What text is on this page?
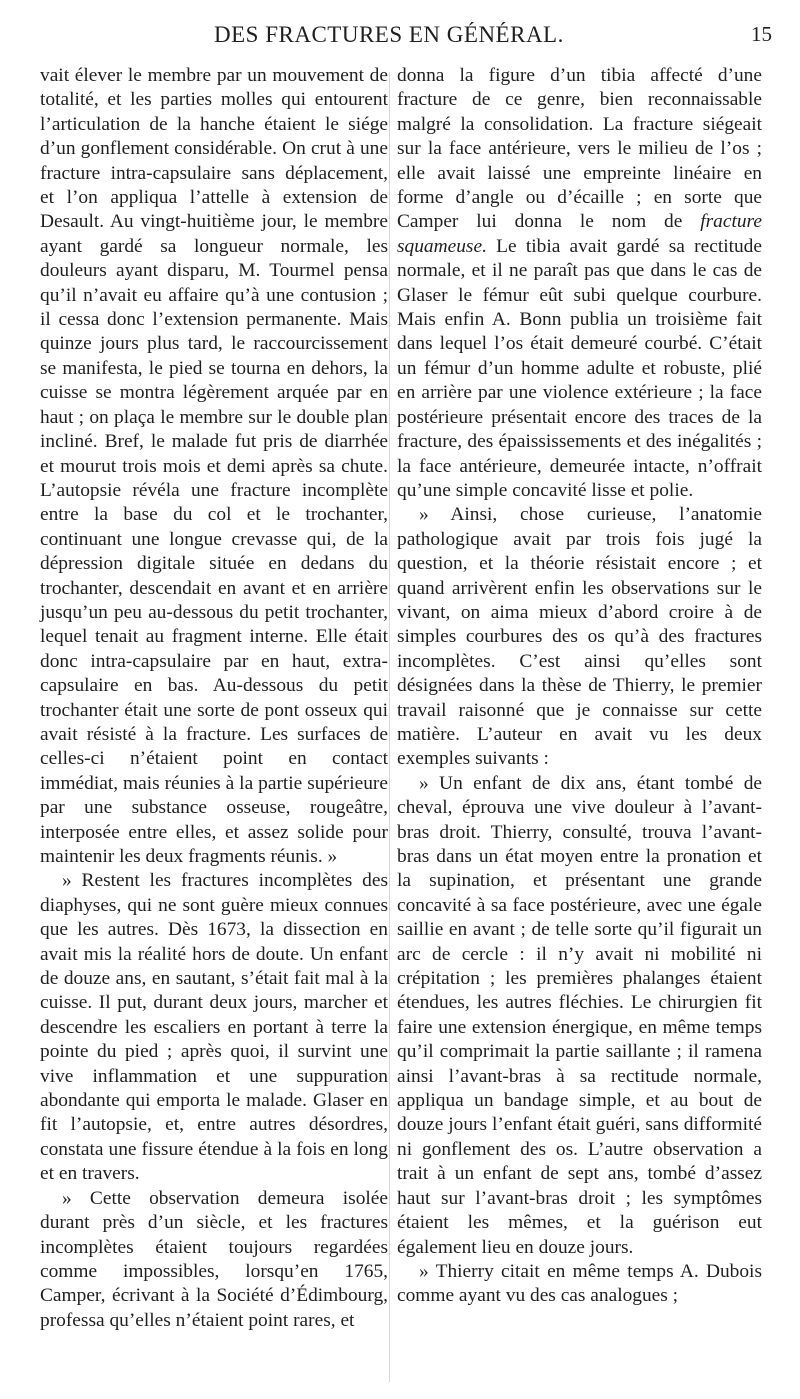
DES FRACTURES EN GÉNÉRAL.	15

vait élever le membre par un mouvement de totalité, et les parties molles qui entourent l’articulation de la hanche étaient le siége d’un gonflement considérable. On crut à une fracture intra-capsulaire sans déplacement, et l’on appliqua l’attelle à extension de Desault. Au vingt-huitième jour, le membre ayant gardé sa longueur normale, les douleurs ayant disparu, M. Tourmel pensa qu’il n’avait eu affaire qu’à une contusion ; il cessa donc l’extension permanente. Mais quinze jours plus tard, le raccourcissement se manifesta, le pied se tourna en dehors, la cuisse se montra légèrement arquée par en haut ; on plaça le membre sur le double plan incliné. Bref, le malade fut pris de diarrhée et mourut trois mois et demi après sa chute. L’autopsie révéla une fracture incomplète entre la base du col et le trochanter, continuant une longue crevasse qui, de la dépression digitale située en dedans du trochanter, descendait en avant et en arrière jusqu’un peu au-dessous du petit trochanter, lequel tenait au fragment interne. Elle était donc intra-capsulaire par en haut, extra-capsulaire en bas. Au-dessous du petit trochanter était une sorte de pont osseux qui avait résisté à la fracture. Les surfaces de celles-ci n’étaient point en contact immédiat, mais réunies à la partie supérieure par une substance osseuse, rougeâtre, interposée entre elles, et assez solide pour maintenir les deux fragments réunis. »

» Restent les fractures incomplètes des diaphyses, qui ne sont guère mieux connues que les autres. Dès 1673, la dissection en avait mis la réalité hors de doute. Un enfant de douze ans, en sautant, s’était fait mal à la cuisse. Il put, durant deux jours, marcher et descendre les escaliers en portant à terre la pointe du pied ; après quoi, il survint une vive inflammation et une suppuration abondante qui emporta le malade. Glaser en fit l’autopsie, et, entre autres désordres, constata une fissure étendue à la fois en long et en travers.

» Cette observation demeura isolée durant près d’un siècle, et les fractures incomplètes étaient toujours regardées comme impossibles, lorsqu’en 1765, Camper, écrivant à la Société d’Édimbourg, professa qu’elles n’étaient point rares, et

donna la figure d’un tibia affecté d’une fracture de ce genre, bien reconnaissable malgré la consolidation. La fracture siégeait sur la face antérieure, vers le milieu de l’os ; elle avait laissé une empreinte linéaire en forme d’angle ou d’écaille ; en sorte que Camper lui donna le nom de fracture squameuse. Le tibia avait gardé sa rectitude normale, et il ne paraît pas que dans le cas de Glaser le fémur eût subi quelque courbure. Mais enfin A. Bonn publia un troisième fait dans lequel l’os était demeuré courbé. C’était un fémur d’un homme adulte et robuste, plié en arrière par une violence extérieure ; la face postérieure présentait encore des traces de la fracture, des épaississements et des inégalités ; la face antérieure, demeurée intacte, n’offrait qu’une simple concavité lisse et polie.

» Ainsi, chose curieuse, l’anatomie pathologique avait par trois fois jugé la question, et la théorie résistait encore ; et quand arrivèrent enfin les observations sur le vivant, on aima mieux d’abord croire à de simples courbures des os qu’à des fractures incomplètes. C’est ainsi qu’elles sont désignées dans la thèse de Thierry, le premier travail raisonné que je connaisse sur cette matière. L’auteur en avait vu les deux exemples suivants :

» Un enfant de dix ans, étant tombé de cheval, éprouva une vive douleur à l’avant-bras droit. Thierry, consulté, trouva l’avant-bras dans un état moyen entre la pronation et la supination, et présentant une grande concavité à sa face postérieure, avec une égale saillie en avant ; de telle sorte qu’il figurait un arc de cercle : il n’y avait ni mobilité ni crépitation ; les premières phalanges étaient étendues, les autres fléchies. Le chirurgien fit faire une extension énergique, en même temps qu’il comprimait la partie saillante ; il ramena ainsi l’avant-bras à sa rectitude normale, appliqua un bandage simple, et au bout de douze jours l’enfant était guéri, sans difformité ni gonflement des os. L’autre observation a trait à un enfant de sept ans, tombé d’assez haut sur l’avant-bras droit ; les symptômes étaient les mêmes, et la guérison eut également lieu en douze jours.

» Thierry citait en même temps A. Dubois comme ayant vu des cas analogues ;
